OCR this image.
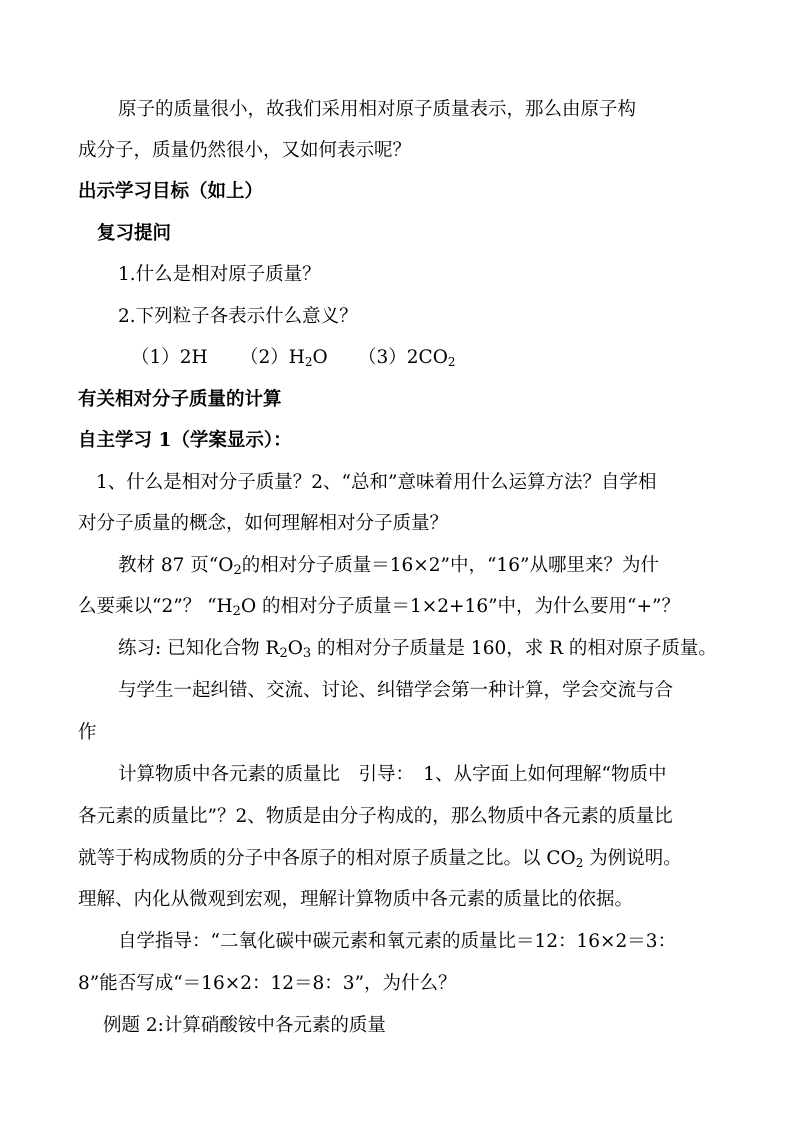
原子的质量很小，故我们采用相对原子质量表示，那么由原子构
成分子，质量仍然很小，又如何表示呢？
出示学习目标（如上）
复习提问
1.什么是相对原子质量？
2.下列粒子各表示什么意义？
（1）2H $(2)H_2O$ $(3)2CO_2$
有关相对分子质量的计算
自主学习 1（学案显示）：
1、什么是相对分子质量？2、“总和”意味着用什么运算方法？自学相
对分子质量的概念，如何理解相对分子质量？
教材 87 页“$O_2$的相对分子质量＝16×2”中，“16”从哪里来？为什
么要乘以“2”？ “$H_2O$ 的相对分子质量＝1×2+16”中，为什么要用“+”？
练习: 已知化合物 $R_2O_3$ 的相对分子质量是 160，求 R 的相对原子质量。
与学生一起纠错、交流、讨论、纠错学会第一种计算，学会交流与合
作
计算物质中各元素的质量比　引导：　1、从字面上如何理解“物质中
各元素的质量比”？2、物质是由分子构成的，那么物质中各元素的质量比
就等于构成物质的分子中各原子的相对原子质量之比。以 $CO_2$ 为例说明。
理解、内化从微观到宏观，理解计算物质中各元素的质量比的依据。
自学指导：“二氧化碳中碳元素和氧元素的质量比＝12：16×2＝3：
8”能否写成“＝16×2：12＝8：3”，为什么？
例题 2:计算硝酸铵中各元素的质量
